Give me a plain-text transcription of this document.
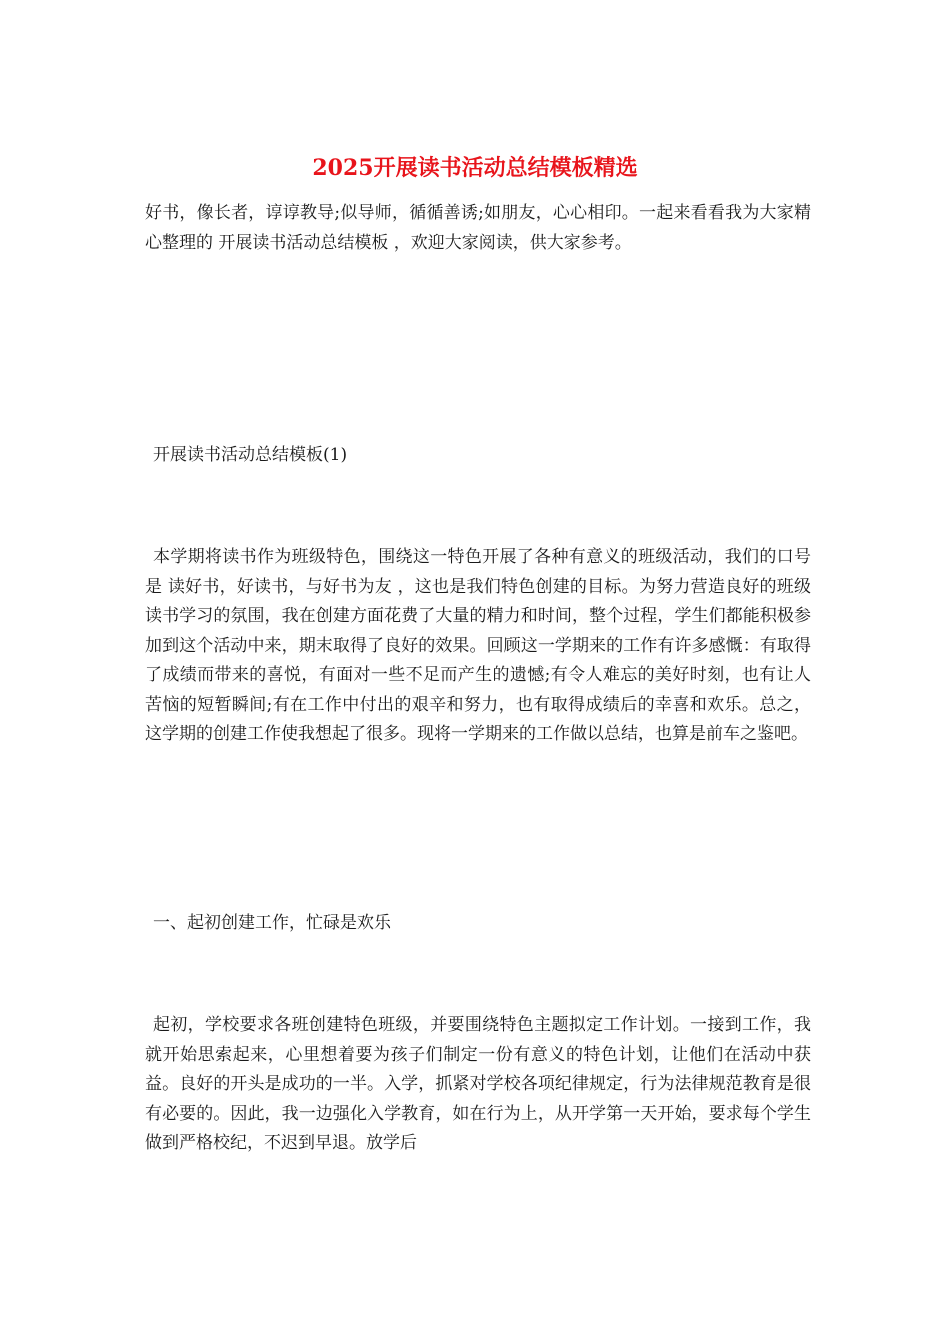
2025开展读书活动总结模板精选

好书，像长者，谆谆教导;似导师，循循善诱;如朋友，心心相印。一起来看看我为大家精心整理的 开展读书活动总结模板 ，欢迎大家阅读，供大家参考。

开展读书活动总结模板(1)

本学期将读书作为班级特色，围绕这一特色开展了各种有意义的班级活动，我们的口号是 读好书，好读书，与好书为友 ，这也是我们特色创建的目标。为努力营造良好的班级读书学习的氛围，我在创建方面花费了大量的精力和时间，整个过程，学生们都能积极参加到这个活动中来，期末取得了良好的效果。回顾这一学期来的工作有许多感慨：有取得了成绩而带来的喜悦，有面对一些不足而产生的遗憾;有令人难忘的美好时刻，也有让人苦恼的短暂瞬间;有在工作中付出的艰辛和努力，也有取得成绩后的幸喜和欢乐。总之，这学期的创建工作使我想起了很多。现将一学期来的工作做以总结，也算是前车之鉴吧。

一、起初创建工作，忙碌是欢乐

起初，学校要求各班创建特色班级，并要围绕特色主题拟定工作计划。一接到工作，我就开始思索起来，心里想着要为孩子们制定一份有意义的特色计划，让他们在活动中获益。良好的开头是成功的一半。入学，抓紧对学校各项纪律规定，行为法律规范教育是很有必要的。因此，我一边强化入学教育，如在行为上，从开学第一天开始，要求每个学生做到严格校纪，不迟到早退。放学后
